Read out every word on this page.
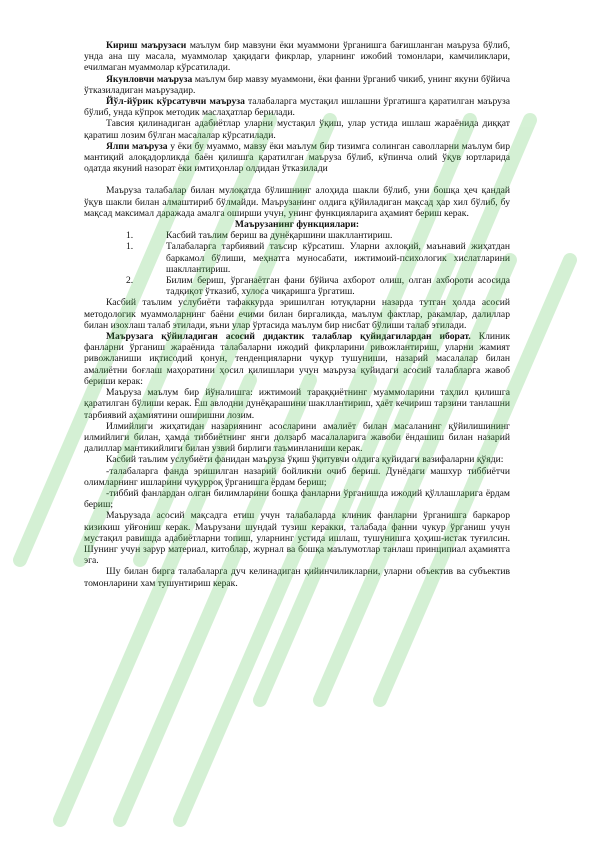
Кириш маърузаси маълум бир мавзуни ёки муаммони ўрганишга бағишланган маъруза бўлиб, унда ана шу масала, муаммолар ҳақидаги фикрлар, уларнинг ижобий томонлари, камчиликлари, ечилмаган муаммолар кўрсатилади.

Якунловчи маъруза маълум бир мавзу муаммони, ёки фанни ўрганиб чикиб, унинг якуни бўйича ўтказиладиган маърузадир.

Йўл-йўрик кўрсатувчи маъруза талабаларга мустақил ишлашни ўргатишга қаратилган маъруза бўлиб, унда кўпрок методик маслаҳатлар берилади.

Тавсия қилинадиган адабиётлар уларни мустақил ўқиш, улар устида ишлаш жараёнида диққат қаратиш лозим бўлган масалалар кўрсатилади.

Ялпи маъруза у ёки бу муаммо, мавзу ёки маълум бир тизимга солинган саволларни маълум бир мантиқий алоқадорликда баён қилишга қаратилган маъруза бўлиб, кўпинча олий ўқув юртларида одатда якуний назорат ёки имтиҳонлар олдидан ўтказилади

Маъруза талабалар билан мулоқатда бўлишнинг алоҳида шакли бўлиб, уни бошқа ҳеч қандай ўқув шакли билан алмаштириб бўлмайди. Маърузанинг олдига қўйиладиган мақсад ҳар хил бўлиб, бу мақсад максимал даражада амалга оширши учун, унинг функцияларига аҳамият бериш керак.

Маърузанинг функциялари:

1.	Касбий таълим бериш ва дунёқаршини шакллантириш.
1.	Талабаларга тарбиявий таъсир кўрсатиш. Уларни ахлоқий, маънавий жиҳатдан баркамол бўлиши, меҳнатга муносабати, ижтимоий-психологик хислатларини шакллантириш.
2.	Билим бериш, ўрганаётган фани бўйича ахборот олиш, олган ахбороти асосида тадқиқот ўтказиб, хулоса чиқаришга ўргатиш.

Касбий таълим услубиёти тафаккурда эришилган ютуқларни назарда тутган ҳолда асосий методологик муаммоларнинг баёни ечими билан биргаликда, маълум фактлар, ракамлар, далиллар билан изохлаш талаб этилади, яъни улар ўртасида маълум бир нисбат бўлиши талаб этилади.

Маърузага қўйиладиган асосий дидактик талаблар қуйидагилардан иборат. Клиник фанларни ўрганиш жараёнида талабаларни ижодий фикрларини ривожлантириш, уларни жамият ривожланиши иқтисодий қонун, тенденцияларни чуқур тушуниши, назарий масалалар билан амалиётни боғлаш маҳоратини ҳосил қилишлари учун маъруза қуйидаги асосий талабларга жавоб бериши керак:

Маъруза маълум бир йўналишга: ижтимоий тараққиётнинг муаммоларини таҳлил қилишга қаратилган бўлиши керак. Ёш авлодни дунёқарашини шакллантириш, ҳаёт кечириш тарзини танлашни тарбиявий аҳамиятини оширишни лозим.

Илмийлиги жиҳатидан назариянинг асосларини амалиёт билан масаланинг қўйилишининг илмийлиги билан, ҳамда тиббиётнинг янги долзарб масалаларига жавоби ёндашиш билан назарий далиллар мантикийлиги билан узвий бирлиги таъминланиши керак.

Касбий таълим услубиёти фанидан маъруза ўқиш ўқитувчи олдига қуйидаги вазифаларни қўяди:

-талабаларга фанда эришилган назарий бойликни очиб бериш. Дунёдаги машхур тиббиётчи олимларнинг ишларини чуқурроқ ўрганишга ёрдам бериш;

-тиббий фанлардан олган билимларини бошқа фанларни ўрганишда ижодий қўллашларига ёрдам бериш;

Маърузада асосий мақсадга етиш учун талабаларда клиник фанларни ўрганишга баркарор кизикиш уйғониш керак. Маърузани шундай тузиш керакки, талабада фанни чукур ўрганиш учун мустақил равишда адабиётларни топиш, уларнинг устида ишлаш, тушунишга ҳоҳиш-истак туғилсин. Шунинг учун зарур материал, китоблар, журнал ва бошқа маълумотлар танлаш принципиал аҳамиятга эга.

Шу билан бирга талабаларга дуч келинадиган қийинчиликларни, уларни объектив ва субъектив томонларини хам тушунтириш керак.
